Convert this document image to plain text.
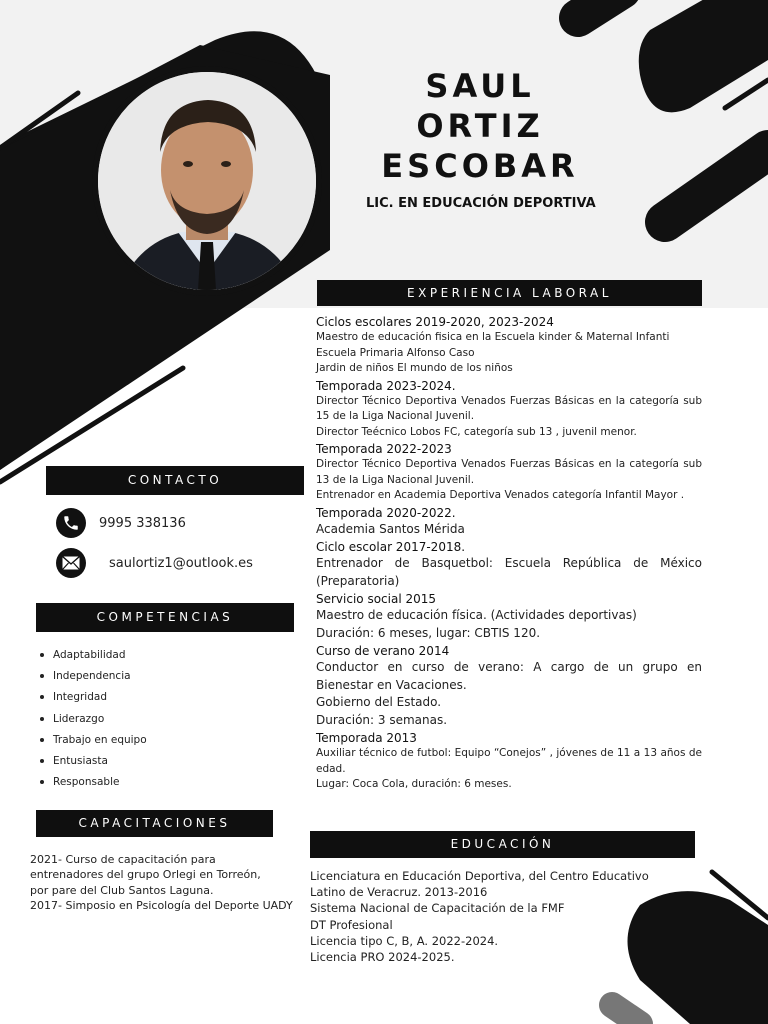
SAUL
ORTIZ
ESCOBAR
LIC. EN EDUCACIÓN DEPORTIVA
EXPERIENCIA LABORAL
Ciclos escolares 2019-2020, 2023-2024
Maestro de educación fisica en la Escuela kinder & Maternal Infanti
Escuela Primaria Alfonso Caso
Jardin de niños El mundo de los niños
Temporada 2023-2024.
Director Técnico Deportiva Venados Fuerzas Básicas en la categoría sub 15 de la Liga Nacional Juvenil.
Director Teécnico Lobos FC, categoría sub 13 , juvenil menor.
Temporada 2022-2023
Director Técnico Deportiva Venados Fuerzas Básicas en la categoría sub 13 de la Liga Nacional Juvenil.
Entrenador en Academia Deportiva Venados categoría Infantil Mayor .
Temporada 2020-2022.
Academia Santos Mérida
Ciclo escolar 2017-2018.
Entrenador de Basquetbol: Escuela República de México (Preparatoria)
Servicio social 2015
Maestro de educación física. (Actividades deportivas)
Duración: 6 meses, lugar: CBTIS 120.
Curso de verano 2014
Conductor en curso de verano: A cargo de un grupo en Bienestar en Vacaciones.
Gobierno del Estado.
Duración: 3 semanas.
Temporada 2013
Auxiliar técnico de futbol: Equipo “Conejos” , jóvenes de 11 a 13 años de edad.
Lugar: Coca Cola, duración: 6 meses.
CONTACTO
9995 338136
saulortiz1@outlook.es
COMPETENCIAS
Adaptabilidad
Independencia
Integridad
Liderazgo
Trabajo en equipo
Entusiasta
Responsable
CAPACITACIONES
2021- Curso de capacitación para
entrenadores del grupo Orlegi en Torreón,
por pare del Club Santos Laguna.
2017- Simposio en Psicología del Deporte UADY
EDUCACIÓN
Licenciatura en Educación Deportiva, del Centro Educativo
Latino de Veracruz. 2013-2016
Sistema Nacional de Capacitación de la FMF
DT Profesional
Licencia tipo C, B, A. 2022-2024.
Licencia PRO 2024-2025.
